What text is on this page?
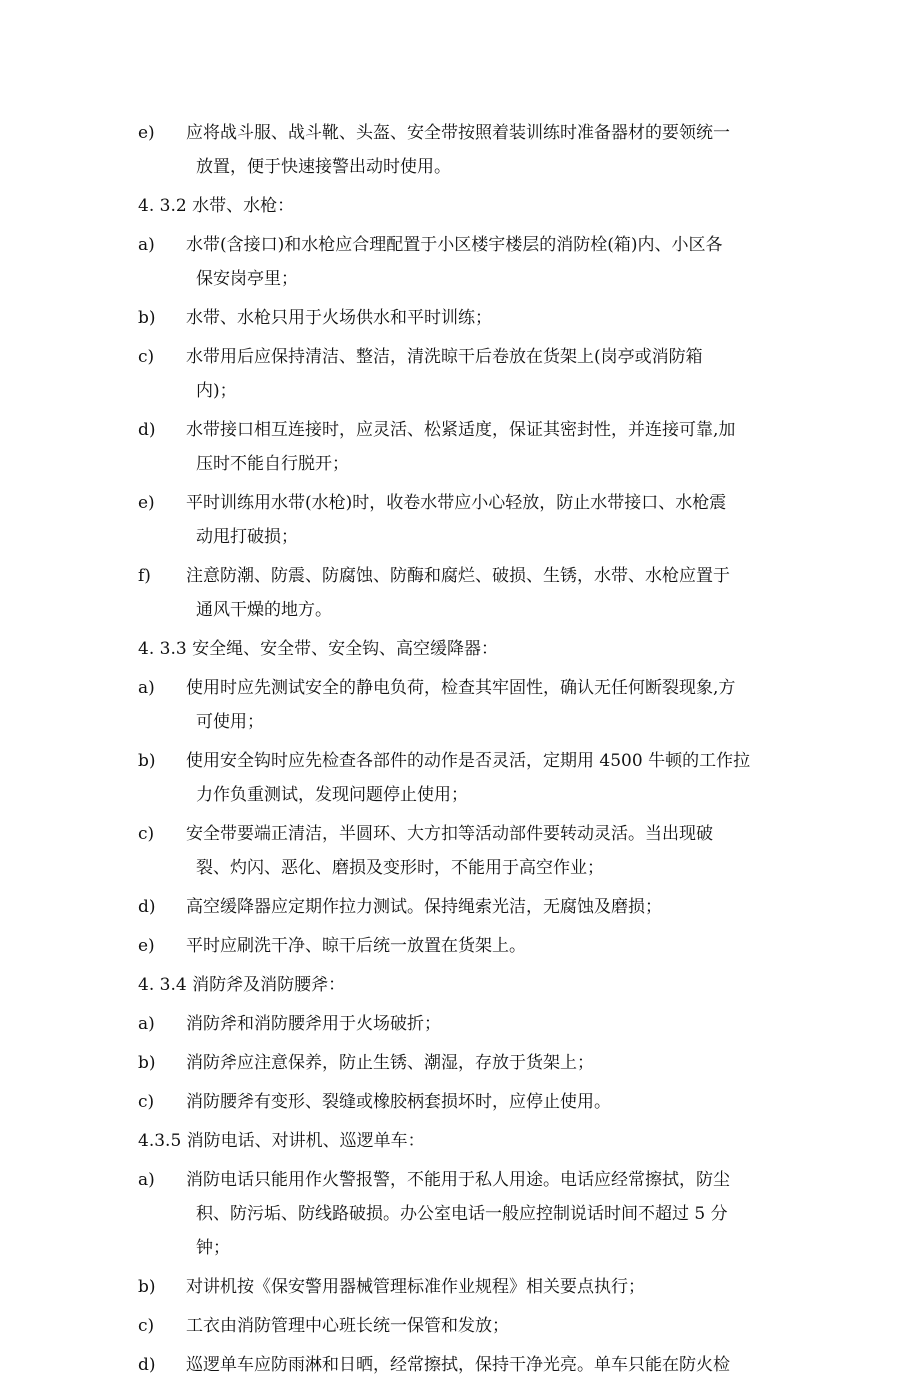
e) 应将战斗服、战斗靴、头盔、安全带按照着装训练时准备器材的要领统一
放置，便于快速接警出动时使用。
4. 3.2 水带、水枪：
a) 水带(含接口)和水枪应合理配置于小区楼宇楼层的消防栓(箱)内、小区各
保安岗亭里；
b) 水带、水枪只用于火场供水和平时训练；
c) 水带用后应保持清洁、整洁，清洗晾干后卷放在货架上(岗亭或消防箱
内)；
d) 水带接口相互连接时，应灵活、松紧适度，保证其密封性，并连接可靠,加
压时不能自行脱开；
e) 平时训练用水带(水枪)时，收卷水带应小心轻放，防止水带接口、水枪震
动甩打破损；
f) 注意防潮、防震、防腐蚀、防酶和腐烂、破损、生锈，水带、水枪应置于
通风干燥的地方。
4. 3.3 安全绳、安全带、安全钩、高空缓降器：
a) 使用时应先测试安全的静电负荷，检查其牢固性，确认无任何断裂现象,方
可使用；
b) 使用安全钩时应先检查各部件的动作是否灵活，定期用 4500 牛顿的工作拉
力作负重测试，发现问题停止使用；
c) 安全带要端正清洁，半圆环、大方扣等活动部件要转动灵活。当出现破
裂、灼闪、恶化、磨损及变形时，不能用于高空作业；
d) 高空缓降器应定期作拉力测试。保持绳索光洁，无腐蚀及磨损；
e) 平时应刷洗干净、晾干后统一放置在货架上。
4. 3.4 消防斧及消防腰斧：
a) 消防斧和消防腰斧用于火场破折；
b) 消防斧应注意保养，防止生锈、潮湿，存放于货架上；
c) 消防腰斧有变形、裂缝或橡胶柄套损坏时，应停止使用。
4.3.5 消防电话、对讲机、巡逻单车：
a) 消防电话只能用作火警报警，不能用于私人用途。电话应经常擦拭，防尘
积、防污垢、防线路破损。办公室电话一般应控制说话时间不超过 5 分
钟；
b) 对讲机按《保安警用器械管理标准作业规程》相关要点执行；
c) 工衣由消防管理中心班长统一保管和发放；
d) 巡逻单车应防雨淋和日晒，经常擦拭，保持干净光亮。单车只能在防火检
